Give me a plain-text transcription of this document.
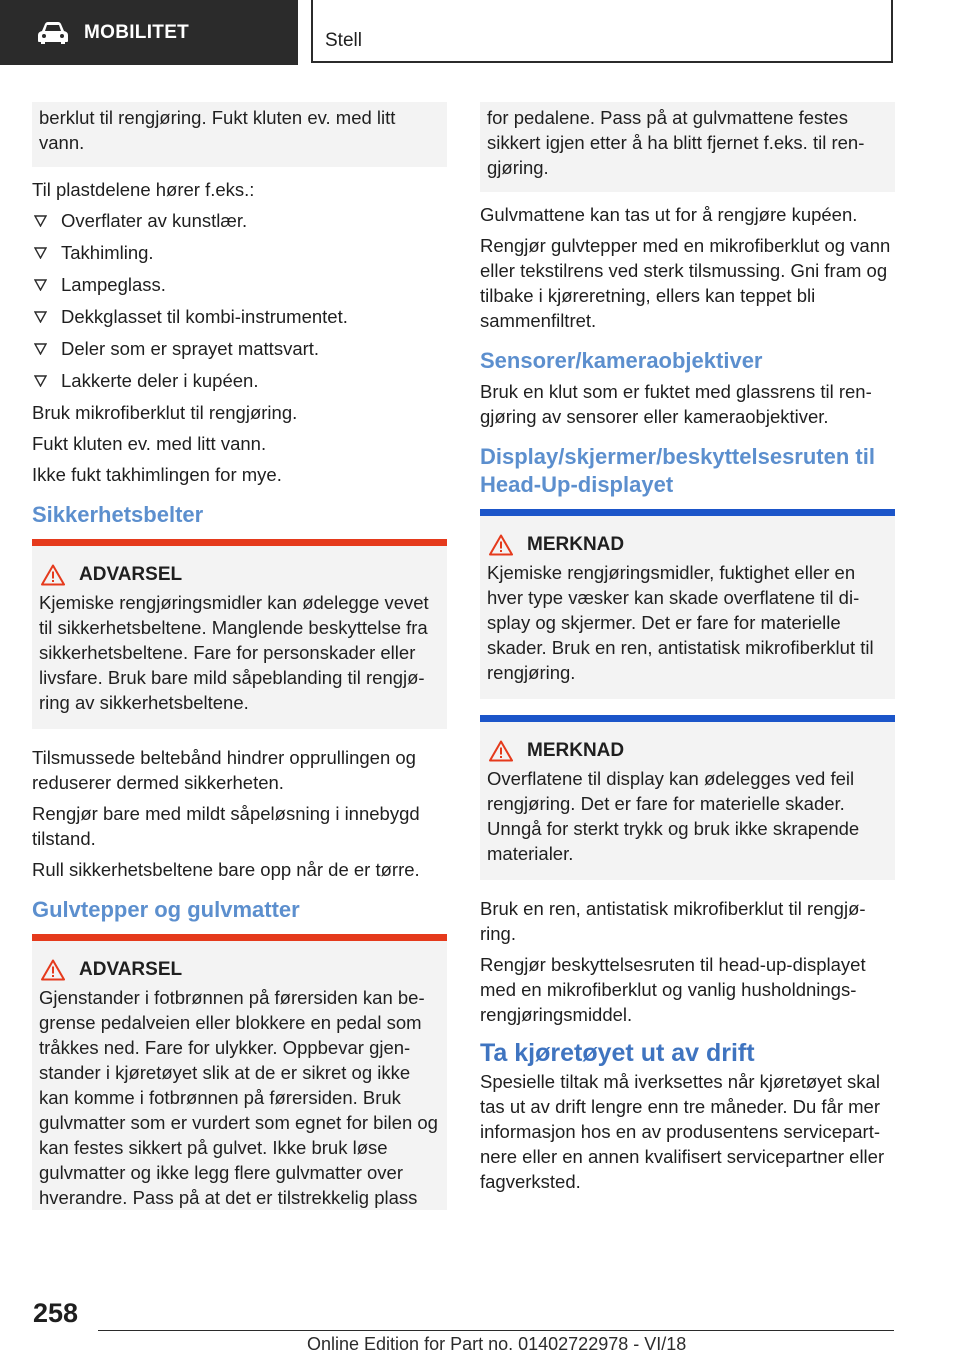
MOBILITET	Stell
berklut til rengjøring. Fukt kluten ev. med litt vann.

Til plastdelene hører f.eks.:

Overflater av kunstlær.
Takhimling.
Lampeglass.
Dekkglasset til kombi-instrumentet.
Deler som er sprayet mattsvart.
Lakkerte deler i kupéen.

Bruk mikrofiberklut til rengjøring.

Fukt kluten ev. med litt vann.

Ikke fukt takhimlingen for mye.

Sikkerhetsbelter
ADVARSEL
Kjemiske rengjøringsmidler kan ødelegge vevet til sikkerhetsbeltene. Manglende beskyttelse fra sikkerhetsbeltene. Fare for personskader eller livsfare. Bruk bare mild såpeblanding til rengjø-ring av sikkerhetsbeltene.

Tilsmussede beltebånd hindrer opprullingen og reduserer dermed sikkerheten.

Rengjør bare med mildt såpeløsning i innebygd tilstand.

Rull sikkerhetsbeltene bare opp når de er tørre.

Gulvtepper og gulvmatter
ADVARSEL
Gjenstander i fotbrønnen på førersiden kan be-grense pedalveien eller blokkere en pedal som tråkkes ned. Fare for ulykker. Oppbevar gjen-stander i kjøretøyet slik at de er sikret og ikke kan komme i fotbrønnen på førersiden. Bruk gulvmatter som er vurdert som egnet for bilen og kan festes sikkert på gulvet. Ikke bruk løse gulvmatter og ikke legg flere gulvmatter over hverandre. Pass på at det er tilstrekkelig plass
for pedalene. Pass på at gulvmattene festes sikkert igjen etter å ha blitt fjernet f.eks. til ren-gjøring.

Gulvmattene kan tas ut for å rengjøre kupéen.

Rengjør gulvtepper med en mikrofiberklut og vann eller tekstilrens ved sterk tilsmussing. Gni fram og tilbake i kjøreretning, ellers kan teppet bli sammenfiltret.

Sensorer/kameraobjektiver

Bruk en klut som er fuktet med glassrens til ren-gjøring av sensorer eller kameraobjektiver.

Display/skjermer/beskyttelsesruten til Head-Up-displayet
MERKNAD
Kjemiske rengjøringsmidler, fuktighet eller en hver type væsker kan skade overflatene til di-splay og skjermer. Det er fare for materielle skader. Bruk en ren, antistatisk mikrofiberklut til rengjøring.
MERKNAD
Overflatene til display kan ødelegges ved feil rengjøring. Det er fare for materielle skader. Unngå for sterkt trykk og bruk ikke skrapende materialer.

Bruk en ren, antistatisk mikrofiberklut til rengjø-ring.

Rengjør beskyttelsesruten til head-up-displayet med en mikrofiberklut og vanlig husholdnings-rengjøringsmiddel.

Ta kjøretøyet ut av drift

Spesielle tiltak må iverksettes når kjøretøyet skal tas ut av drift lengre enn tre måneder. Du får mer informasjon hos en av produsentens servicepart-nere eller en annen kvalifisert servicepartner eller fagverksted.

258
Online Edition for Part no. 01402722978 - VI/18
